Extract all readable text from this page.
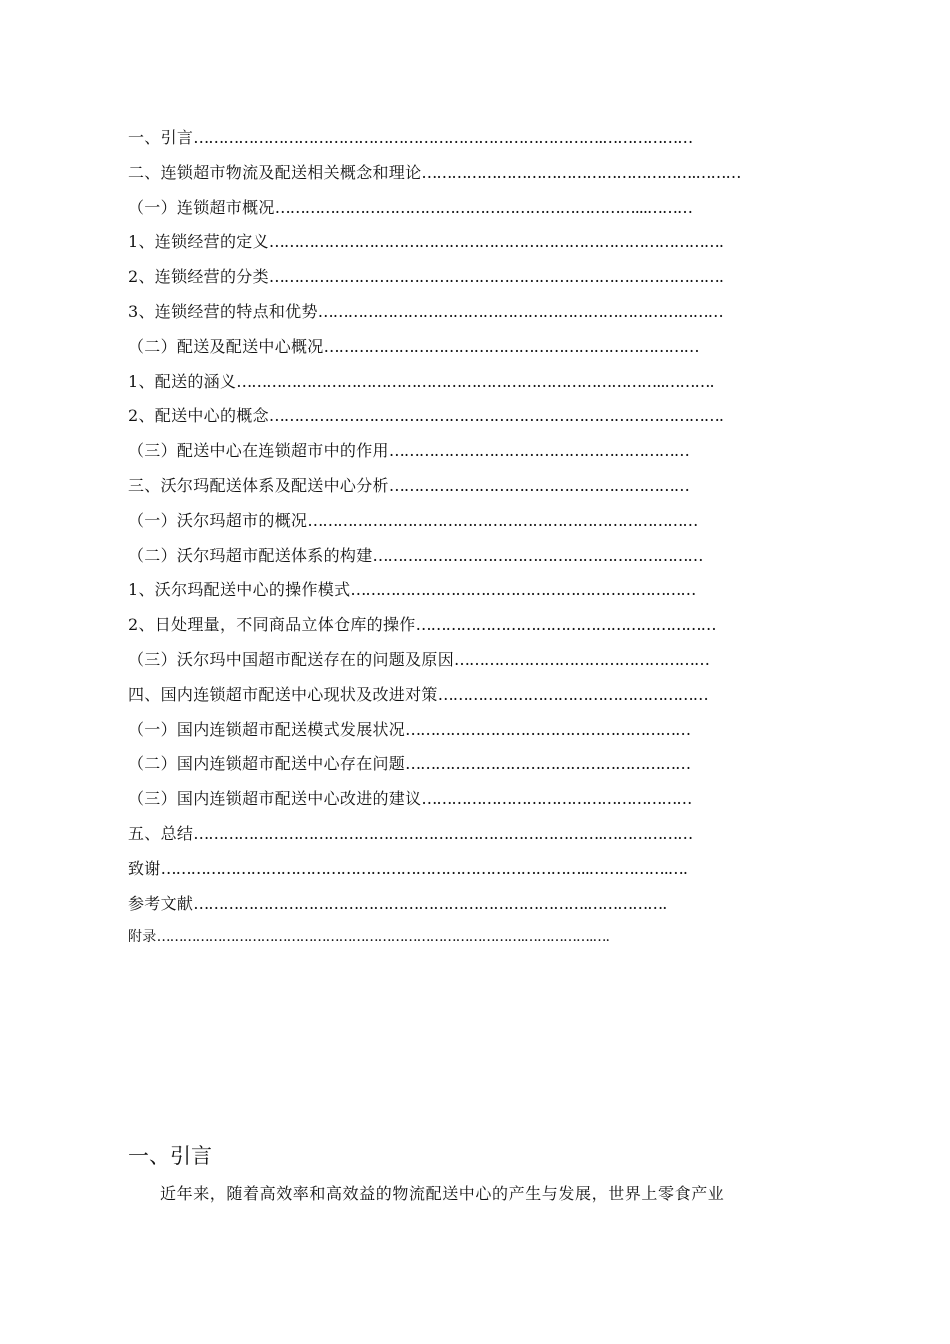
一、引言……………………………………………………………………….………………
二、连锁超市物流及配送相关概念和理论……………………………………………….………
（一）连锁超市概况………………………………………………………………...………
1、连锁经营的定义……………………………………………………………………………….
2、连锁经营的分类……………………………………………………………………………….
3、连锁经营的特点和优势………………………………………………………………………
（二）配送及配送中心概况…………………………………………………………………
1、配送的涵义…………………………………………………………………………..……….
2、配送中心的概念……………………………………………………………………………….
（三）配送中心在连锁超市中的作用……………………………………………………
三、沃尔玛配送体系及配送中心分析……………………………………………………
（一）沃尔玛超市的概况……………………………………………………………………
（二）沃尔玛超市配送体系的构建…………………………………………………………
1、沃尔玛配送中心的操作模式……………………………………………………………
2、日处理量，不同商品立体仓库的操作……………………………………………………
（三）沃尔玛中国超市配送存在的问题及原因……………………………………………
四、国内连锁超市配送中心现状及改进对策………………………………………………
（一）国内连锁超市配送模式发展状况…………………………………………………
（二）国内连锁超市配送中心存在问题…………………………………………………
（三）国内连锁超市配送中心改进的建议………………………………………………
五、总结……………………………………………………………………….………………
致谢…………………………………………………………………………..…………….….
参考文献…………………………………………………………………….…………….
附录………………………………………………………………………….…………….….
一、引言

近年来，随着高效率和高效益的物流配送中心的产生与发展，世界上零食产业
